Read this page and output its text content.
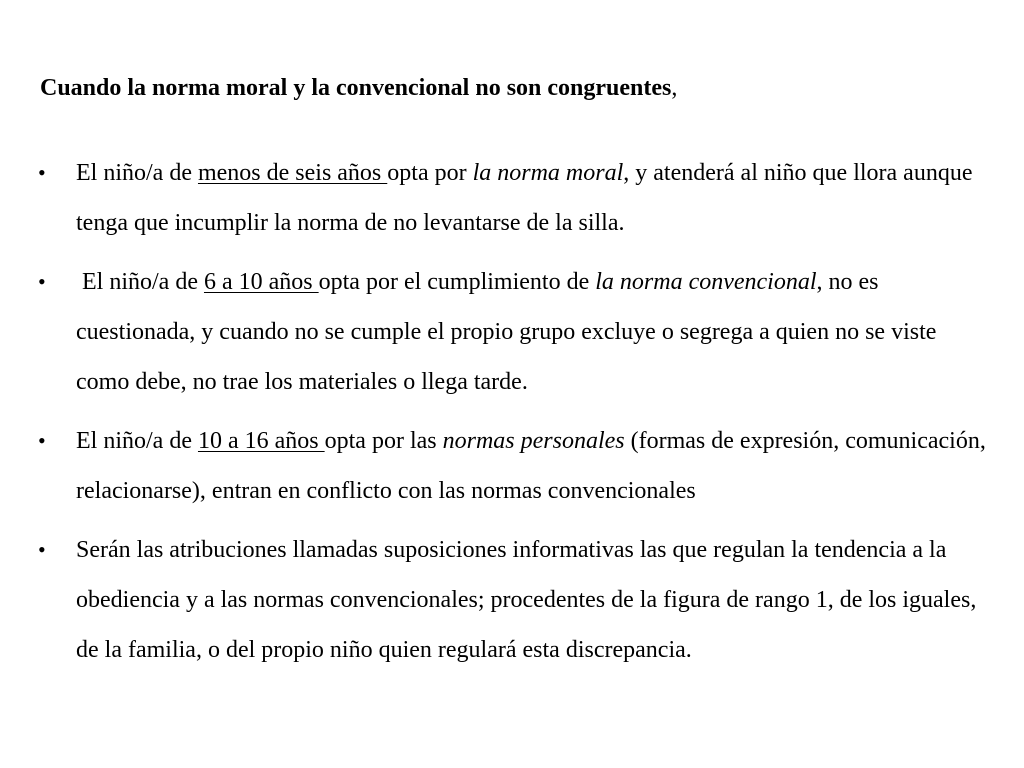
Cuando la norma moral y la convencional no son congruentes,
•	El niño/a de menos de seis años opta por la norma moral, y atenderá al niño que llora aunque tenga que incumplir la norma de no levantarse de la silla.
•	El niño/a de 6 a 10 años opta por el cumplimiento de la norma convencional, no es cuestionada, y cuando no se cumple el propio grupo excluye o segrega a quien no se viste como debe, no trae los materiales o llega tarde.
•	El niño/a de 10 a 16 años opta por las normas personales (formas de expresión, comunicación, relacionarse), entran en conflicto con las normas convencionales
•	Serán las atribuciones llamadas suposiciones informativas las que regulan la tendencia a la obediencia y a las normas convencionales; procedentes de la figura de rango 1, de los iguales, de la familia, o del propio niño quien regulará esta discrepancia.
